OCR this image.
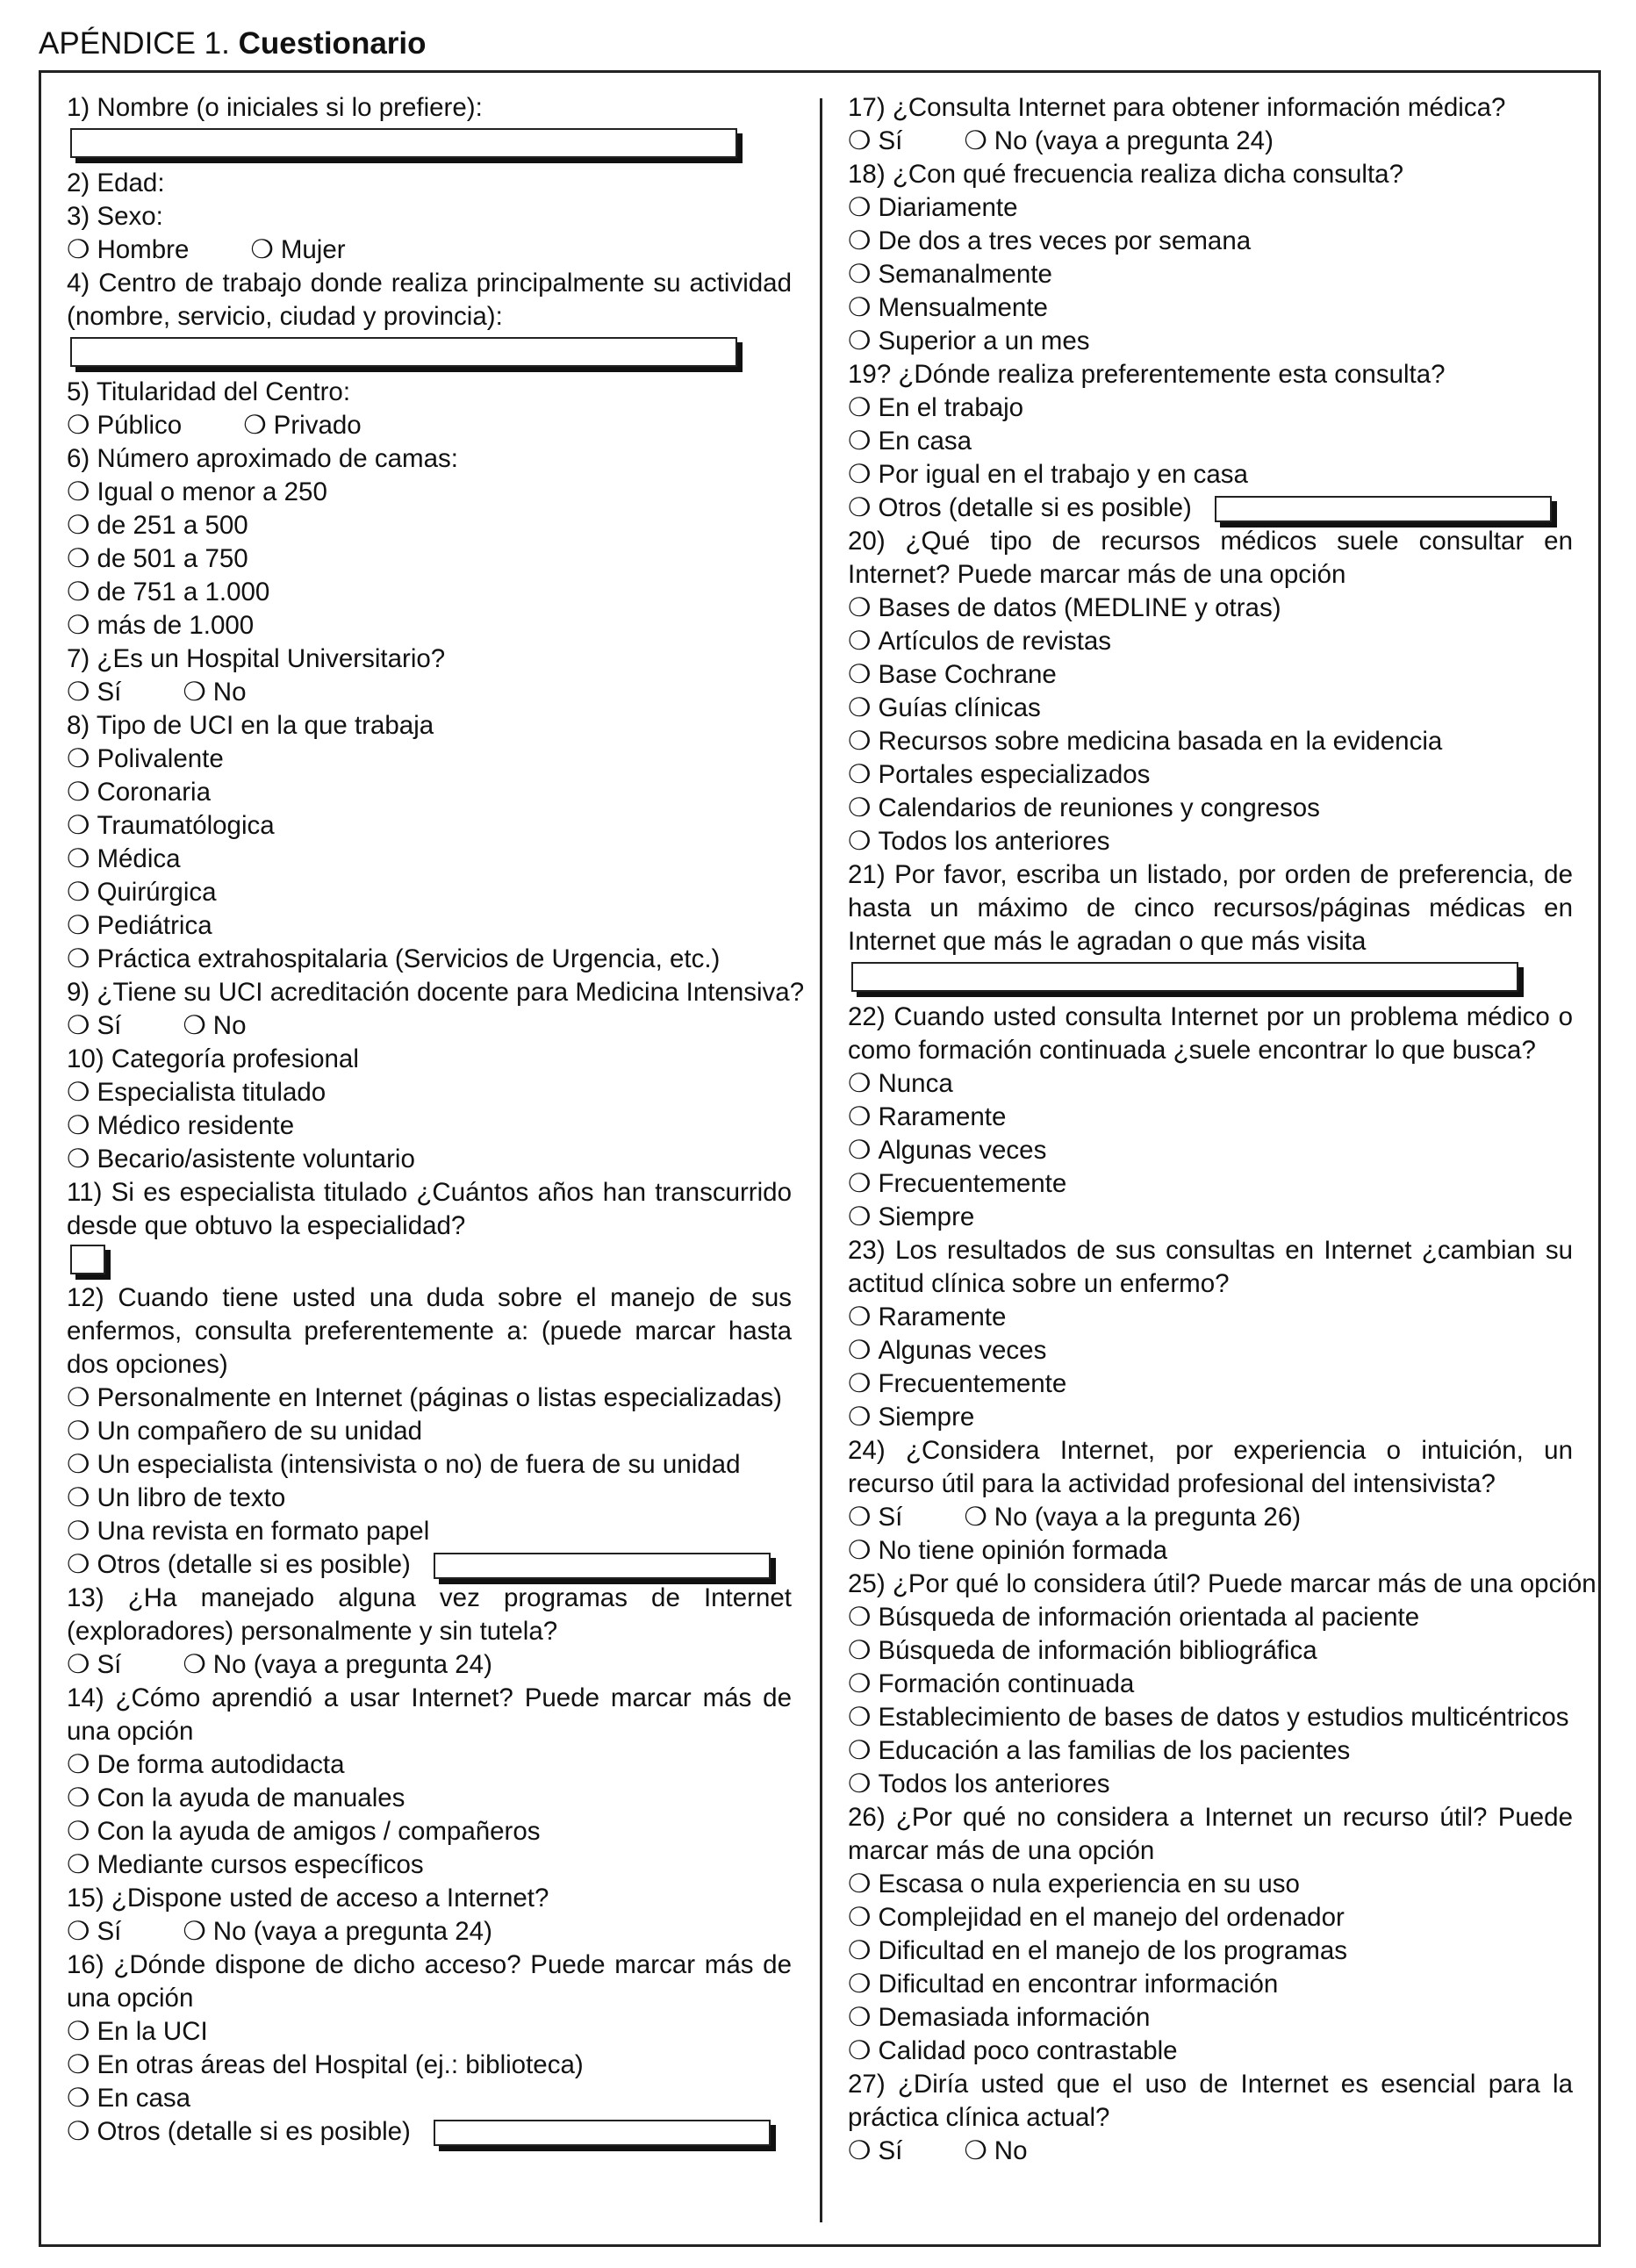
APÉNDICE 1. Cuestionario
1) Nombre (o iniciales si lo prefiere):
2) Edad:
3) Sexo:
❍ Hombre ❍ Mujer
4) Centro de trabajo donde realiza principalmente su actividad (nombre, servicio, ciudad y provincia):
5) Titularidad del Centro:
❍ Público ❍ Privado
6) Número aproximado de camas:
❍ Igual o menor a 250
❍ de 251 a 500
❍ de 501 a 750
❍ de 751 a 1.000
❍ más de 1.000
7) ¿Es un Hospital Universitario?
❍ Sí ❍ No
8) Tipo de UCI en la que trabaja
❍ Polivalente
❍ Coronaria
❍ Traumatólogica
❍ Médica
❍ Quirúrgica
❍ Pediátrica
❍ Práctica extrahospitalaria (Servicios de Urgencia, etc.)
9) ¿Tiene su UCI acreditación docente para Medicina Intensiva?
❍ Sí ❍ No
10) Categoría profesional
❍ Especialista titulado
❍ Médico residente
❍ Becario/asistente voluntario
11) Si es especialista titulado ¿Cuántos años han transcurrido desde que obtuvo la especialidad?
12) Cuando tiene usted una duda sobre el manejo de sus enfermos, consulta preferentemente a: (puede marcar hasta dos opciones)
❍ Personalmente en Internet (páginas o listas especializadas)
❍ Un compañero de su unidad
❍ Un especialista (intensivista o no) de fuera de su unidad
❍ Un libro de texto
❍ Una revista en formato papel
❍ Otros (detalle si es posible)
13) ¿Ha manejado alguna vez programas de Internet (exploradores) personalmente y sin tutela?
❍ Sí ❍ No (vaya a pregunta 24)
14) ¿Cómo aprendió a usar Internet? Puede marcar más de una opción
❍ De forma autodidacta
❍ Con la ayuda de manuales
❍ Con la ayuda de amigos / compañeros
❍ Mediante cursos específicos
15) ¿Dispone usted de acceso a Internet?
❍ Sí ❍ No (vaya a pregunta 24)
16) ¿Dónde dispone de dicho acceso? Puede marcar más de una opción
❍ En la UCI
❍ En otras áreas del Hospital (ej.: biblioteca)
❍ En casa
❍ Otros (detalle si es posible)
17) ¿Consulta Internet para obtener información médica?
❍ Sí ❍ No (vaya a pregunta 24)
18) ¿Con qué frecuencia realiza dicha consulta?
❍ Diariamente
❍ De dos a tres veces por semana
❍ Semanalmente
❍ Mensualmente
❍ Superior a un mes
19? ¿Dónde realiza preferentemente esta consulta?
❍ En el trabajo
❍ En casa
❍ Por igual en el trabajo y en casa
❍ Otros (detalle si es posible)
20) ¿Qué tipo de recursos médicos suele consultar en Internet? Puede marcar más de una opción
❍ Bases de datos (MEDLINE y otras)
❍ Artículos de revistas
❍ Base Cochrane
❍ Guías clínicas
❍ Recursos sobre medicina basada en la evidencia
❍ Portales especializados
❍ Calendarios de reuniones y congresos
❍ Todos los anteriores
21) Por favor, escriba un listado, por orden de preferencia, de hasta un máximo de cinco recursos/páginas médicas en Internet que más le agradan o que más visita
22) Cuando usted consulta Internet por un problema médico o como formación continuada ¿suele encontrar lo que busca?
❍ Nunca
❍ Raramente
❍ Algunas veces
❍ Frecuentemente
❍ Siempre
23) Los resultados de sus consultas en Internet ¿cambian su actitud clínica sobre un enfermo?
❍ Raramente
❍ Algunas veces
❍ Frecuentemente
❍ Siempre
24) ¿Considera Internet, por experiencia o intuición, un recurso útil para la actividad profesional del intensivista?
❍ Sí ❍ No (vaya a la pregunta 26)
❍ No tiene opinión formada
25) ¿Por qué lo considera útil? Puede marcar más de una opción
❍ Búsqueda de información orientada al paciente
❍ Búsqueda de información bibliográfica
❍ Formación continuada
❍ Establecimiento de bases de datos y estudios multicéntricos
❍ Educación a las familias de los pacientes
❍ Todos los anteriores
26) ¿Por qué no considera a Internet un recurso útil? Puede marcar más de una opción
❍ Escasa o nula experiencia en su uso
❍ Complejidad en el manejo del ordenador
❍ Dificultad en el manejo de los programas
❍ Dificultad en encontrar información
❍ Demasiada información
❍ Calidad poco contrastable
27) ¿Diría usted que el uso de Internet es esencial para la práctica clínica actual?
❍ Sí ❍ No
